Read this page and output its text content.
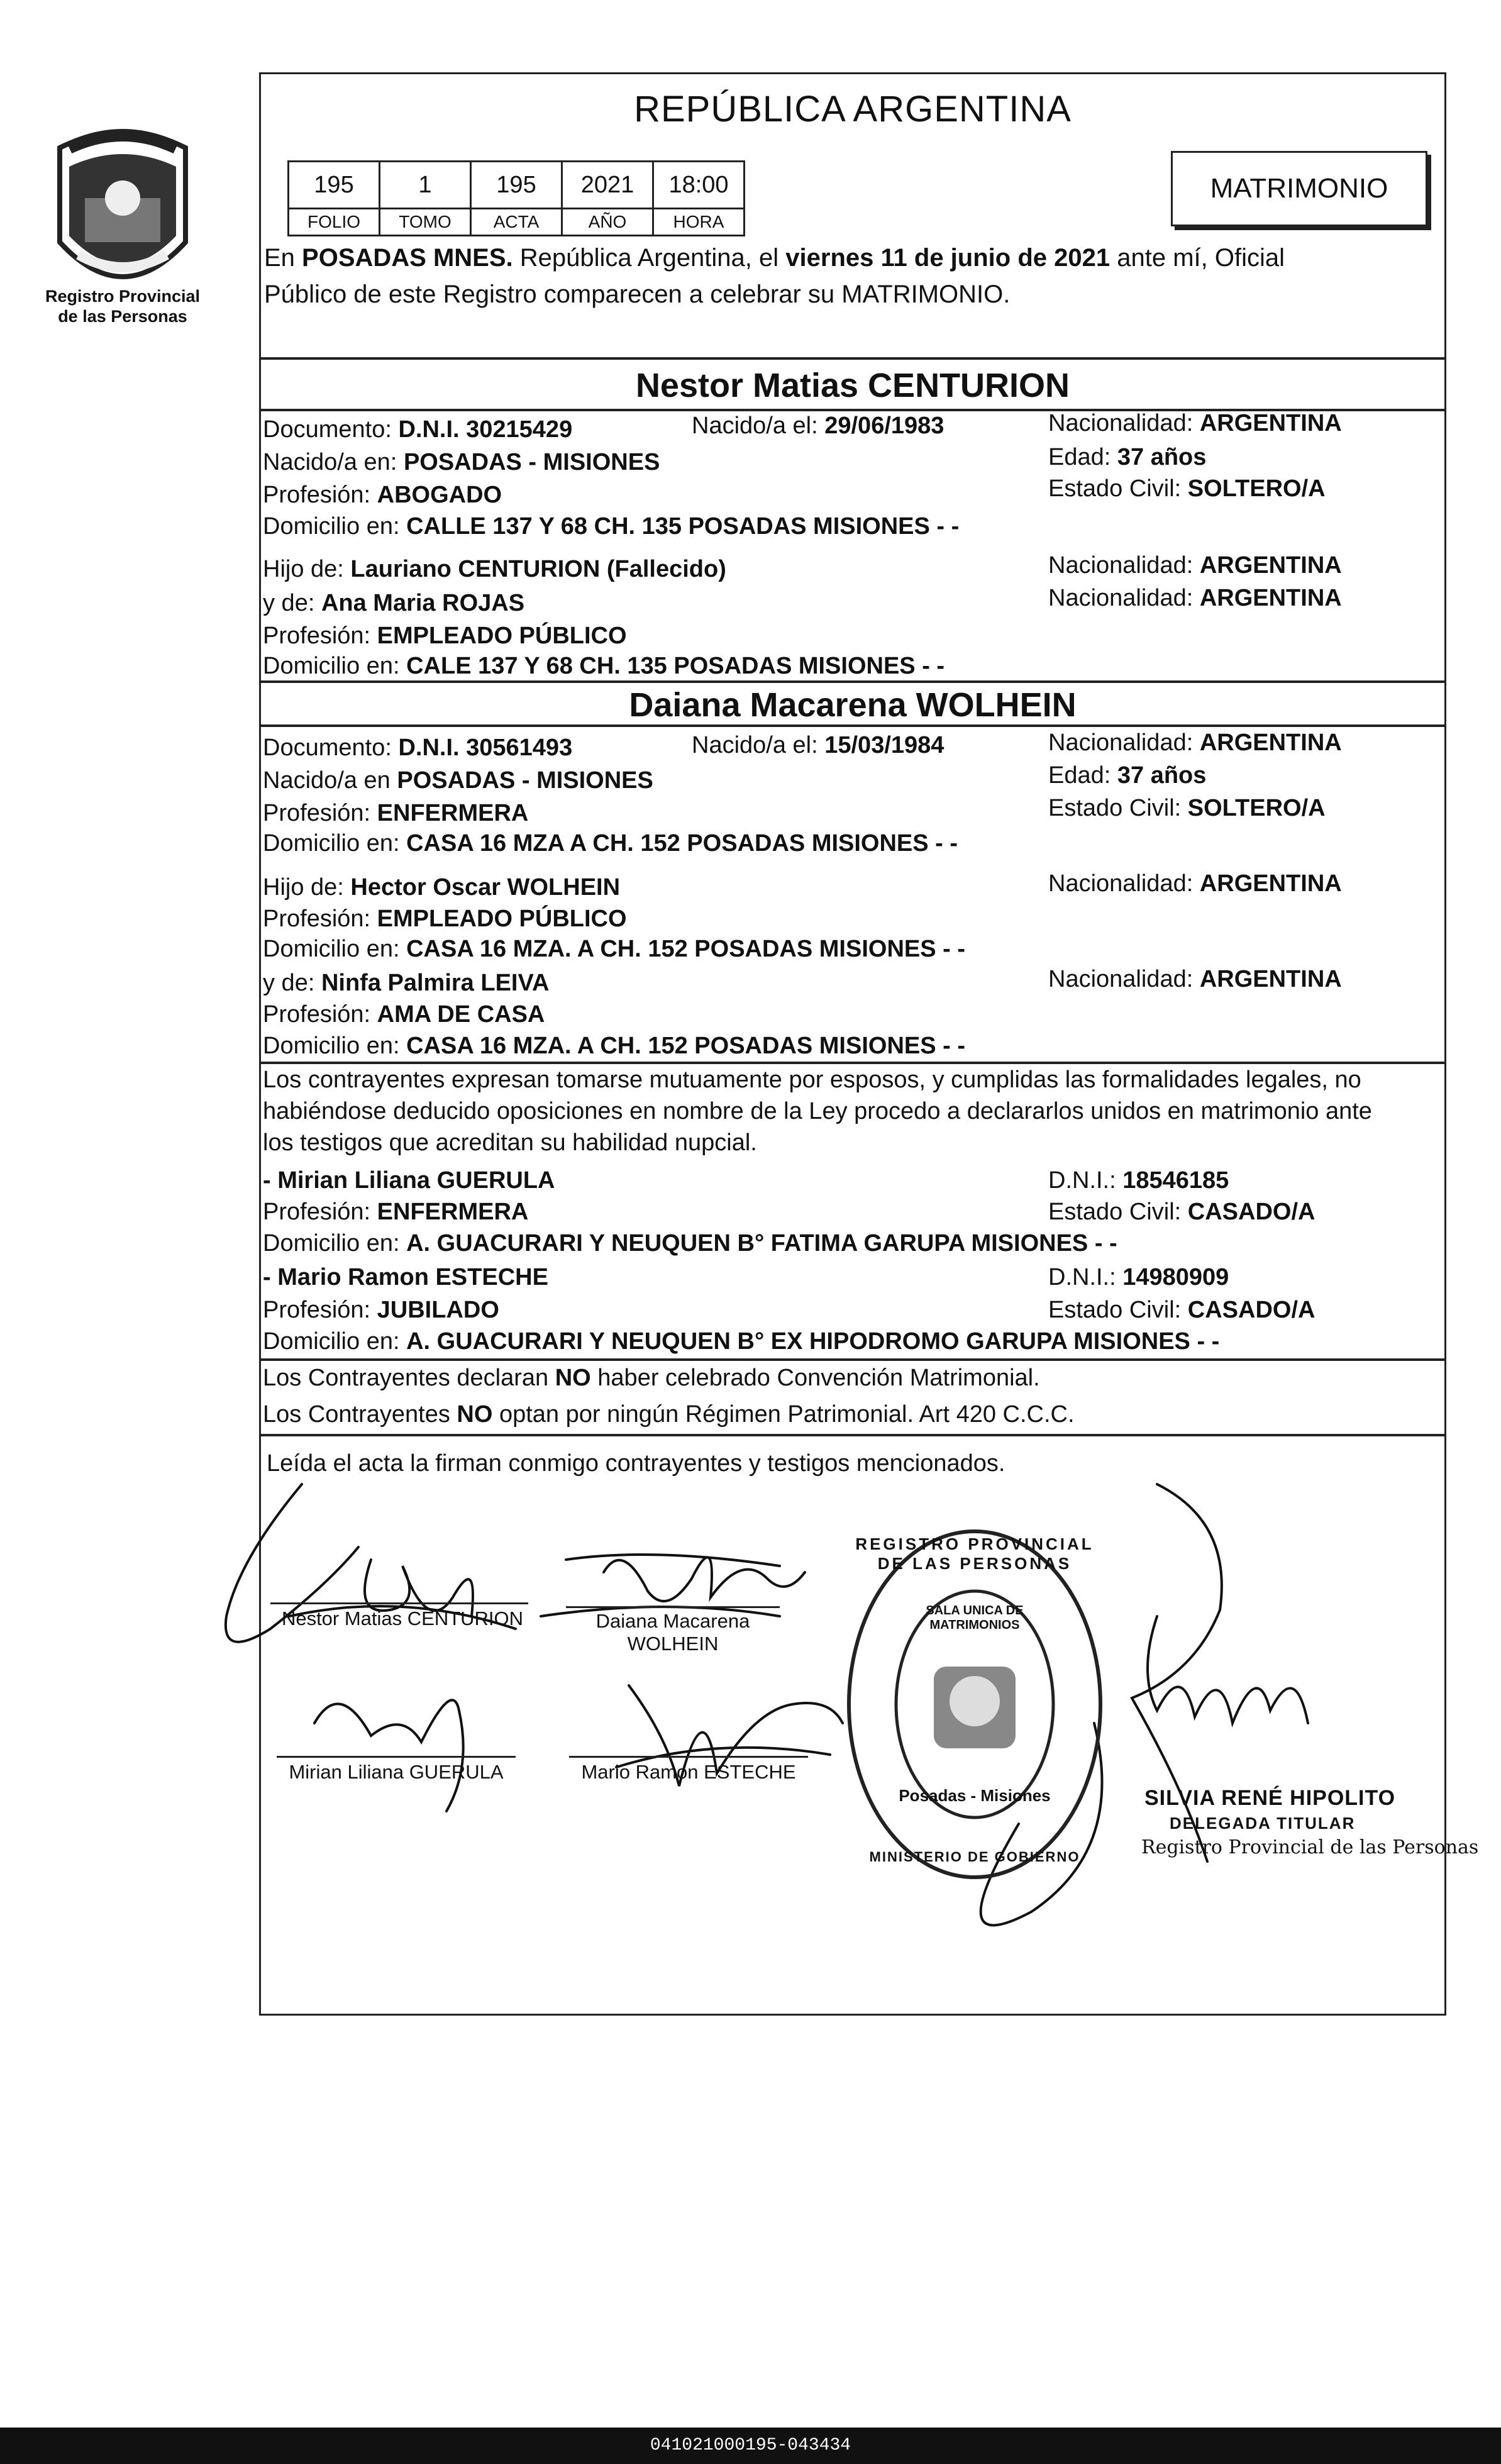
Registro Provincial
de las Personas
REPÚBLICA ARGENTINA
195	1	195	2021	18:00
FOLIO	TOMO	ACTA	AÑO	HORA
MATRIMONIO
En POSADAS MNES. República Argentina, el viernes 11 de junio de 2021 ante mí, Oficial
Público de este Registro comparecen a celebrar su MATRIMONIO.
Nestor Matias CENTURION
Documento: D.N.I. 30215429	Nacido/a el: 29/06/1983	Nacionalidad: ARGENTINA
Nacido/a en: POSADAS - MISIONES	Edad: 37 años
Profesión: ABOGADO	Estado Civil: SOLTERO/A
Domicilio en: CALLE 137 Y 68 CH. 135 POSADAS MISIONES - -
Hijo de: Lauriano CENTURION (Fallecido)	Nacionalidad: ARGENTINA
y de: Ana Maria ROJAS	Nacionalidad: ARGENTINA
Profesión: EMPLEADO PÚBLICO
Domicilio en: CALE 137 Y 68 CH. 135 POSADAS MISIONES - -
Daiana Macarena WOLHEIN
Documento: D.N.I. 30561493	Nacido/a el: 15/03/1984	Nacionalidad: ARGENTINA
Nacido/a en POSADAS - MISIONES	Edad: 37 años
Profesión: ENFERMERA	Estado Civil: SOLTERO/A
Domicilio en: CASA 16 MZA A CH. 152 POSADAS MISIONES - -
Hijo de: Hector Oscar WOLHEIN	Nacionalidad: ARGENTINA
Profesión: EMPLEADO PÚBLICO
Domicilio en: CASA 16 MZA. A CH. 152 POSADAS MISIONES - -
y de: Ninfa Palmira LEIVA	Nacionalidad: ARGENTINA
Profesión: AMA DE CASA
Domicilio en: CASA 16 MZA. A CH. 152 POSADAS MISIONES - -
Los contrayentes expresan tomarse mutuamente por esposos, y cumplidas las formalidades legales, no
habiéndose deducido oposiciones en nombre de la Ley procedo a declararlos unidos en matrimonio ante
los testigos que acreditan su habilidad nupcial.
- Mirian Liliana GUERULA	D.N.I.: 18546185
Profesión: ENFERMERA	Estado Civil: CASADO/A
Domicilio en: A. GUACURARI Y NEUQUEN B° FATIMA GARUPA MISIONES - -
- Mario Ramon ESTECHE	D.N.I.: 14980909
Profesión: JUBILADO	Estado Civil: CASADO/A
Domicilio en: A. GUACURARI Y NEUQUEN B° EX HIPODROMO GARUPA MISIONES - -
Los Contrayentes declaran NO haber celebrado Convención Matrimonial.
Los Contrayentes NO optan por ningún Régimen Patrimonial. Art 420 C.C.C.
Leída el acta la firman conmigo contrayentes y testigos mencionados.
Nestor Matias CENTURION	Daiana Macarena
WOLHEIN
Mirian Liliana GUERULA	Mario Ramon ESTECHE
REGISTRO PROVINCIAL DE LAS PERSONAS
SALA UNICA DE MATRIMONIOS
Posadas - Misiones
MINISTERIO DE GOBIERNO
SILVIA RENÉ HIPOLITO
DELEGADA TITULAR
Registro Provincial de las Personas
041021000195-043434
